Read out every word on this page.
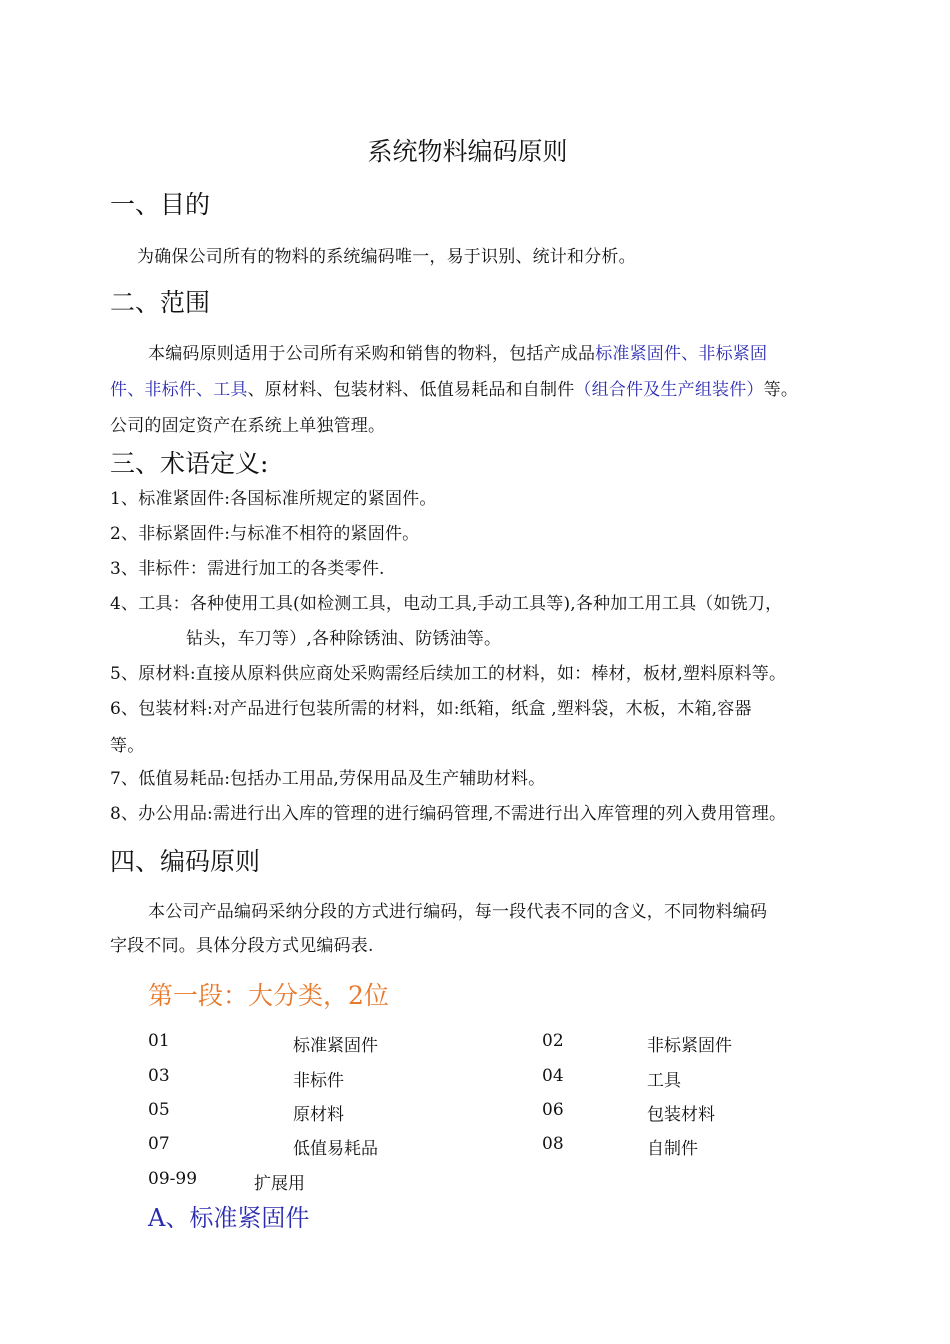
系统物料编码原则
一、目的
为确保公司所有的物料的系统编码唯一，易于识别、统计和分析。
二、范围
本编码原则适用于公司所有采购和销售的物料，包括产成品标准紧固件、非标紧固
件、非标件、工具、原材料、包装材料、低值易耗品和自制件（组合件及生产组装件）等。
公司的固定资产在系统上单独管理。
三、术语定义:
1、标准紧固件:各国标准所规定的紧固件。
2、非标紧固件:与标准不相符的紧固件。
3、非标件：需进行加工的各类零件.
4、工具：各种使用工具(如检测工具，电动工具,手动工具等),各种加工用工具（如铣刀，
钻头，车刀等）,各种除锈油、防锈油等。
5、原材料:直接从原料供应商处采购需经后续加工的材料，如：棒材，板材,塑料原料等。
6、包装材料:对产品进行包装所需的材料，如:纸箱，纸盒 ,塑料袋，木板，木箱,容器
等。
7、低值易耗品:包括办工用品,劳保用品及生产辅助材料。
8、办公用品:需进行出入库的管理的进行编码管理,不需进行出入库管理的列入费用管理。
四、编码原则
本公司产品编码采纳分段的方式进行编码，每一段代表不同的含义，不同物料编码
字段不同。具体分段方式见编码表.
第一段：大分类，2位
01	标准紧固件	02	非标紧固件
03	非标件	04	工具
05	原材料	06	包装材料
07	低值易耗品	08	自制件
09-99	扩展用
A、标准紧固件
